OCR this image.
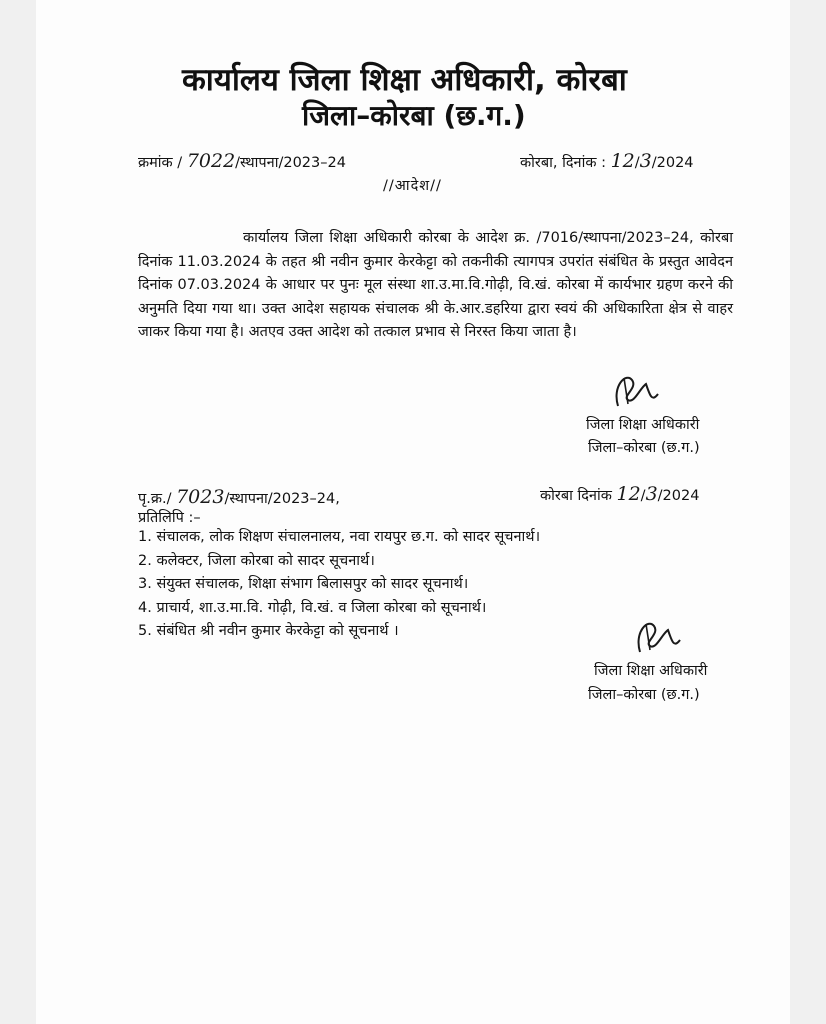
कार्यालय जिला शिक्षा अधिकारी, कोरबा
जिला–कोरबा (छ.ग.)
क्रमांक / 7022/स्थापना/2023–24	कोरबा, दिनांक : 12/3/2024
//आदेश//
कार्यालय जिला शिक्षा अधिकारी कोरबा के आदेश क्र. /7016/स्थापना/2023–24, कोरबा दिनांक 11.03.2024 के तहत श्री नवीन कुमार केरकेट्टा को तकनीकी त्यागपत्र उपरांत संबंधित के प्रस्तुत आवेदन दिनांक 07.03.2024 के आधार पर पुनः मूल संस्था शा.उ.मा.वि.गोढ़ी, वि.खं. कोरबा में कार्यभार ग्रहण करने की अनुमति दिया गया था। उक्त आदेश सहायक संचालक श्री के.आर.डहरिया द्वारा स्वयं की अधिकारिता क्षेत्र से वाहर जाकर किया गया है। अतएव उक्त आदेश को तत्काल प्रभाव से निरस्त किया जाता है।
जिला शिक्षा अधिकारी
जिला–कोरबा (छ.ग.)
पृ.क्र./ 7023/स्थापना/2023–24,	कोरबा दिनांक 12/3/2024
प्रतिलिपि :–
1. संचालक, लोक शिक्षण संचालनालय, नवा रायपुर छ.ग. को सादर सूचनार्थ।
2. कलेक्टर, जिला कोरबा को सादर सूचनार्थ।
3. संयुक्त संचालक, शिक्षा संभाग बिलासपुर को सादर सूचनार्थ।
4. प्राचार्य, शा.उ.मा.वि. गोढ़ी, वि.खं. व जिला कोरबा को सूचनार्थ।
5. संबंधित श्री नवीन कुमार केरकेट्टा को सूचनार्थ ।
जिला शिक्षा अधिकारी
जिला–कोरबा (छ.ग.)
